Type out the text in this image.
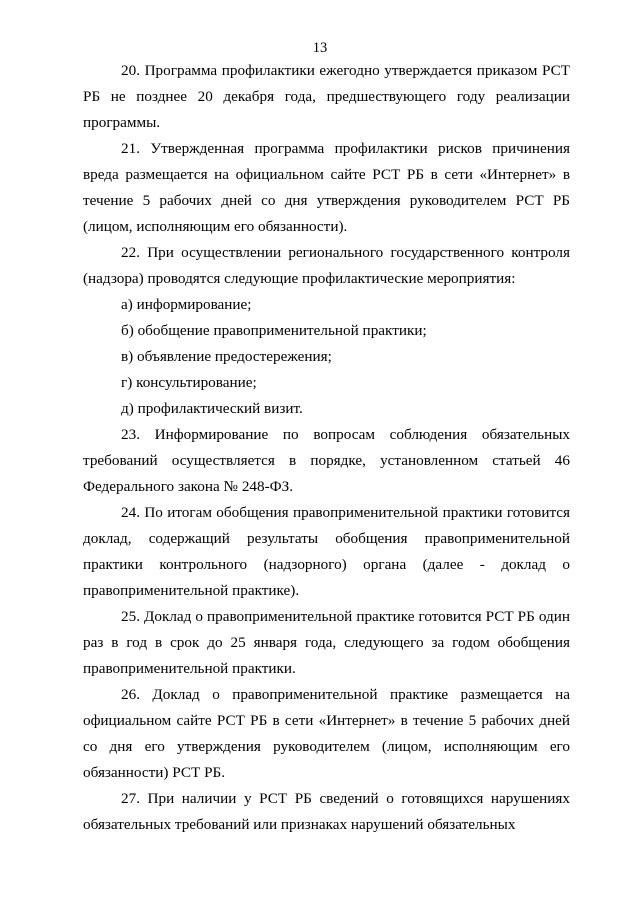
13

20. Программа профилактики ежегодно утверждается приказом РСТ РБ не позднее 20 декабря года, предшествующего году реализации программы.

21. Утвержденная программа профилактики рисков причинения вреда размещается на официальном сайте РСТ РБ в сети «Интернет» в течение 5 рабочих дней со дня утверждения руководителем РСТ РБ (лицом, исполняющим его обязанности).

22. При осуществлении регионального государственного контроля (надзора) проводятся следующие профилактические мероприятия:

а) информирование;

б) обобщение правоприменительной практики;

в) объявление предостережения;

г) консультирование;

д) профилактический визит.

23. Информирование по вопросам соблюдения обязательных требований осуществляется в порядке, установленном статьей 46 Федерального закона № 248-ФЗ.

24. По итогам обобщения правоприменительной практики готовится доклад, содержащий результаты обобщения правоприменительной практики контрольного (надзорного) органа (далее - доклад о правоприменительной практике).

25. Доклад о правоприменительной практике готовится РСТ РБ один раз в год в срок до 25 января года, следующего за годом обобщения правоприменительной практики.

26. Доклад о правоприменительной практике размещается на официальном сайте РСТ РБ в сети «Интернет» в течение 5 рабочих дней со дня его утверждения руководителем (лицом, исполняющим его обязанности) РСТ РБ.

27. При наличии у РСТ РБ сведений о готовящихся нарушениях обязательных требований или признаках нарушений обязательных
